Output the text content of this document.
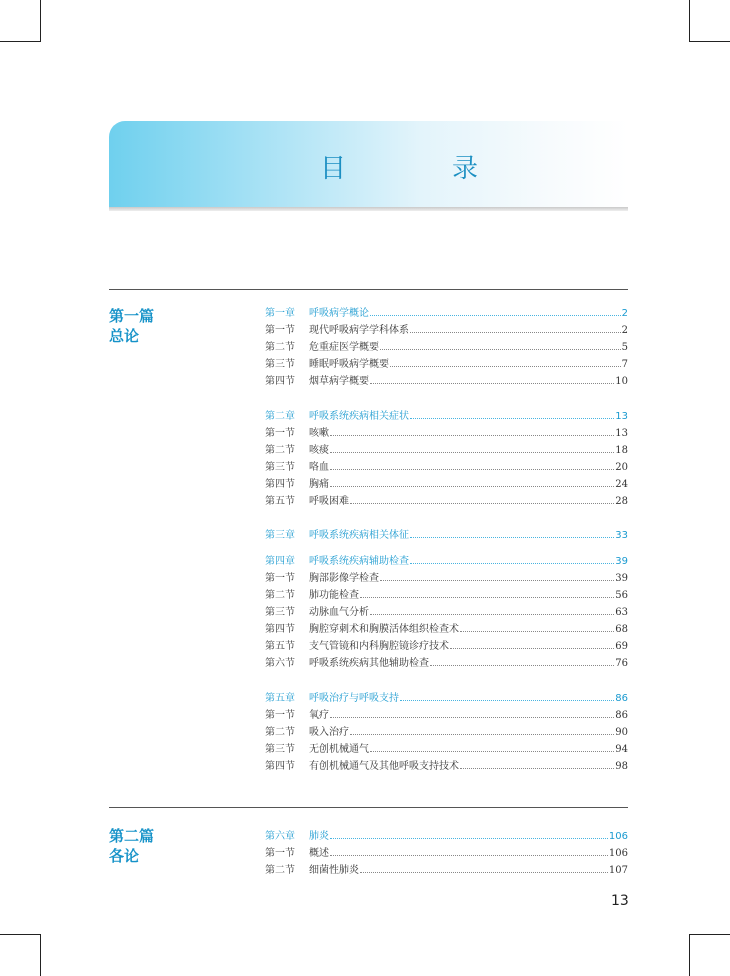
目　录
第一篇
总论
第二篇
各论
第一章	呼吸病学概论	2
第一节	现代呼吸病学学科体系	2
第二节	危重症医学概要	5
第三节	睡眠呼吸病学概要	7
第四节	烟草病学概要	10
第二章	呼吸系统疾病相关症状	13
第一节	咳嗽	13
第二节	咳痰	18
第三节	咯血	20
第四节	胸痛	24
第五节	呼吸困难	28
第三章	呼吸系统疾病相关体征	33
第四章	呼吸系统疾病辅助检查	39
第一节	胸部影像学检查	39
第二节	肺功能检查	56
第三节	动脉血气分析	63
第四节	胸腔穿刺术和胸膜活体组织检查术	68
第五节	支气管镜和内科胸腔镜诊疗技术	69
第六节	呼吸系统疾病其他辅助检查	76
第五章	呼吸治疗与呼吸支持	86
第一节	氧疗	86
第二节	吸入治疗	90
第三节	无创机械通气	94
第四节	有创机械通气及其他呼吸支持技术	98
第六章	肺炎	106
第一节	概述	106
第二节	细菌性肺炎	107
13
